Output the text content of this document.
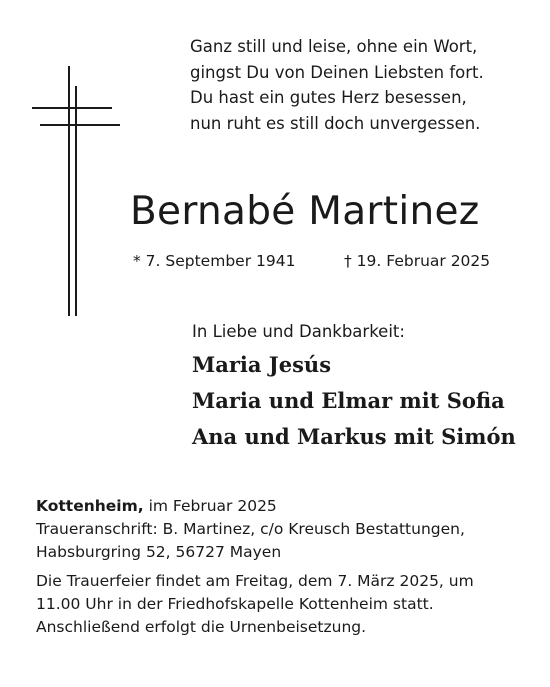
Ganz still und leise, ohne ein Wort,
gingst Du von Deinen Liebsten fort.
Du hast ein gutes Herz besessen,
nun ruht es still doch unvergessen.
Bernabé Martinez
* 7. September 1941	† 19. Februar 2025
In Liebe und Dankbarkeit:
Maria Jesús
Maria und Elmar mit Sofia
Ana und Markus mit Simón
Kottenheim, im Februar 2025
Traueranschrift: B. Martinez, c/o Kreusch Bestattungen,
Habsburgring 52, 56727 Mayen
Die Trauerfeier findet am Freitag, dem 7. März 2025, um
11.00 Uhr in der Friedhofskapelle Kottenheim statt.
Anschließend erfolgt die Urnenbeisetzung.
